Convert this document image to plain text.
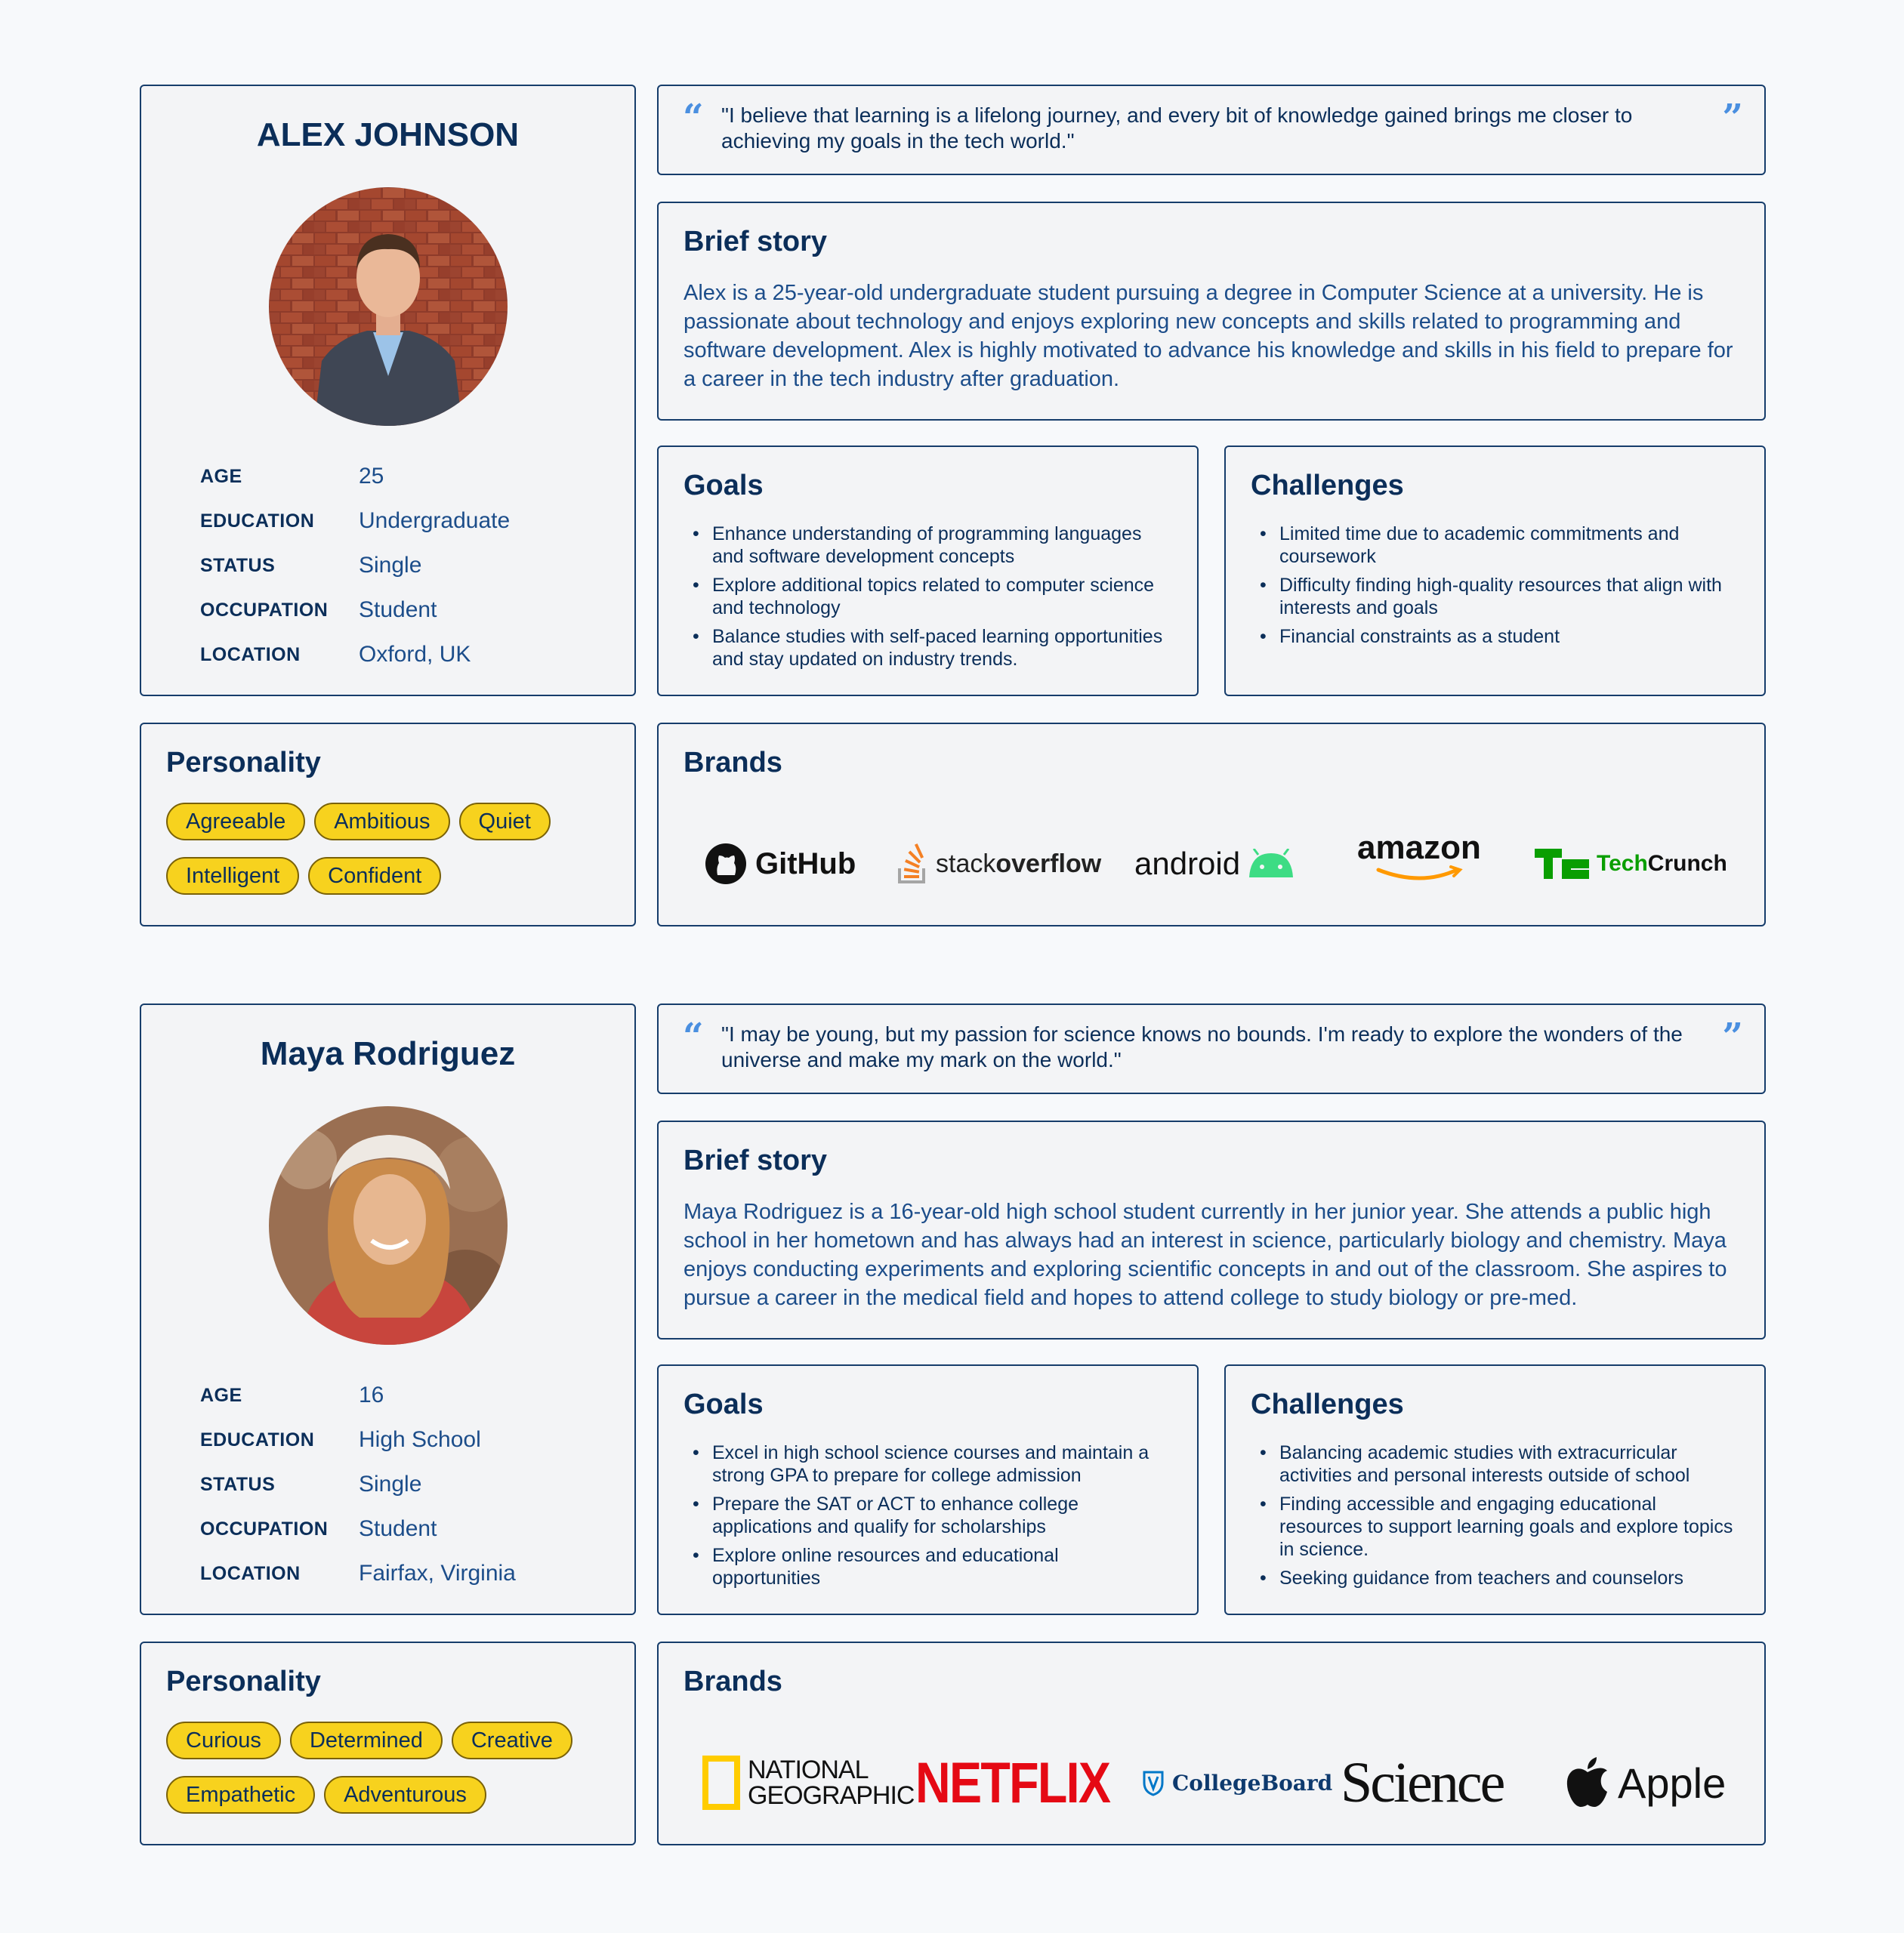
ALEX JOHNSON
AGE	25
EDUCATION	Undergraduate
STATUS	Single
OCCUPATION	Student
LOCATION	Oxford, UK
“ "I believe that learning is a lifelong journey, and every bit of knowledge gained brings me closer to achieving my goals in the tech world."
”
Brief story
Alex is a 25-year-old undergraduate student pursuing a degree in Computer Science at a university. He is passionate about technology and enjoys exploring new concepts and skills related to programming and software development. Alex is highly motivated to advance his knowledge and skills in his field to prepare for a career in the tech industry after graduation.
Goals
• Enhance understanding of programming languages and software development concepts
• Explore additional topics related to computer science and technology
• Balance studies with self-paced learning opportunities and stay updated on industry trends.
Challenges
• Limited time due to academic commitments and coursework
• Difficulty finding high-quality resources that align with interests and goals
• Financial constraints as a student
Personality
Agreeable Ambitious Quiet
Intelligent Confident
Brands
GitHub	stackoverflow android	amazon	TechCrunch
Maya Rodriguez
AGE	16
EDUCATION	High School
STATUS	Single
OCCUPATION	Student
LOCATION	Fairfax, Virginia
“ "I may be young, but my passion for science knows no bounds. I'm ready to explore the wonders of the universe and make my mark on the world."
”
Brief story
Maya Rodriguez is a 16-year-old high school student currently in her junior year. She attends a public high school in her hometown and has always had an interest in science, particularly biology and chemistry. Maya enjoys conducting experiments and exploring scientific concepts in and out of the classroom. She aspires to pursue a career in the medical field and hopes to attend college to study biology or pre-med.
Goals
• Excel in high school science courses and maintain a strong GPA to prepare for college admission
• Prepare the SAT or ACT to enhance college applications and qualify for scholarships
• Explore online resources and educational opportunities
Challenges
• Balancing academic studies with extracurricular activities and personal interests outside of school
• Finding accessible and engaging educational resources to support learning goals and explore topics in science.
• Seeking guidance from teachers and counselors
Personality
Curious Determined Creative
Empathetic Adventurous
Brands
NATIONAL
GEOGRAPHIC NETFLIX	CollegeBoard Science	Apple
